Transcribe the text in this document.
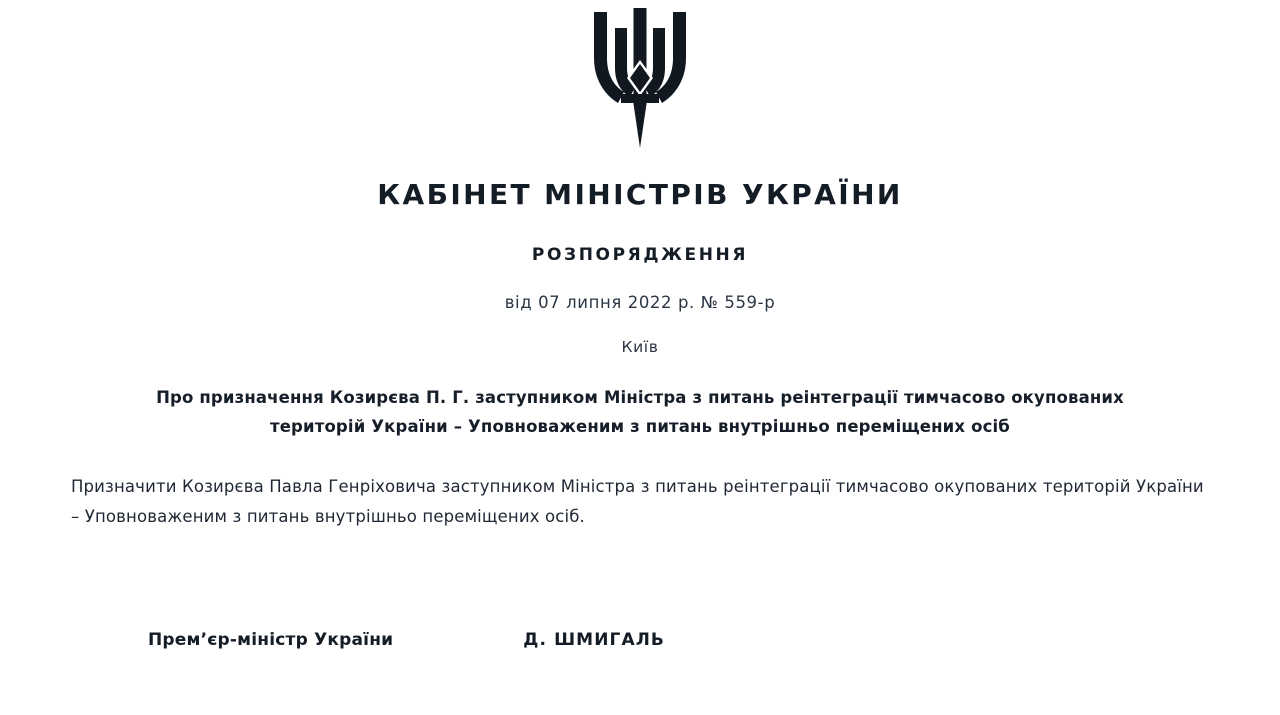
КАБІНЕТ МІНІСТРІВ УКРАЇНИ
РОЗПОРЯДЖЕННЯ
від 07 липня 2022 р. № 559-р
Київ
Про призначення Козирєва П. Г. заступником Міністра з питань реінтеграції тимчасово окупованих територій України – Уповноваженим з питань внутрішньо переміщених осіб
Призначити Козирєва Павла Генріховича заступником Міністра з питань реінтеграції тимчасово окупованих територій України – Уповноваженим з питань внутрішньо переміщених осіб.
Прем’єр-міністр України	Д. ШМИГАЛЬ
